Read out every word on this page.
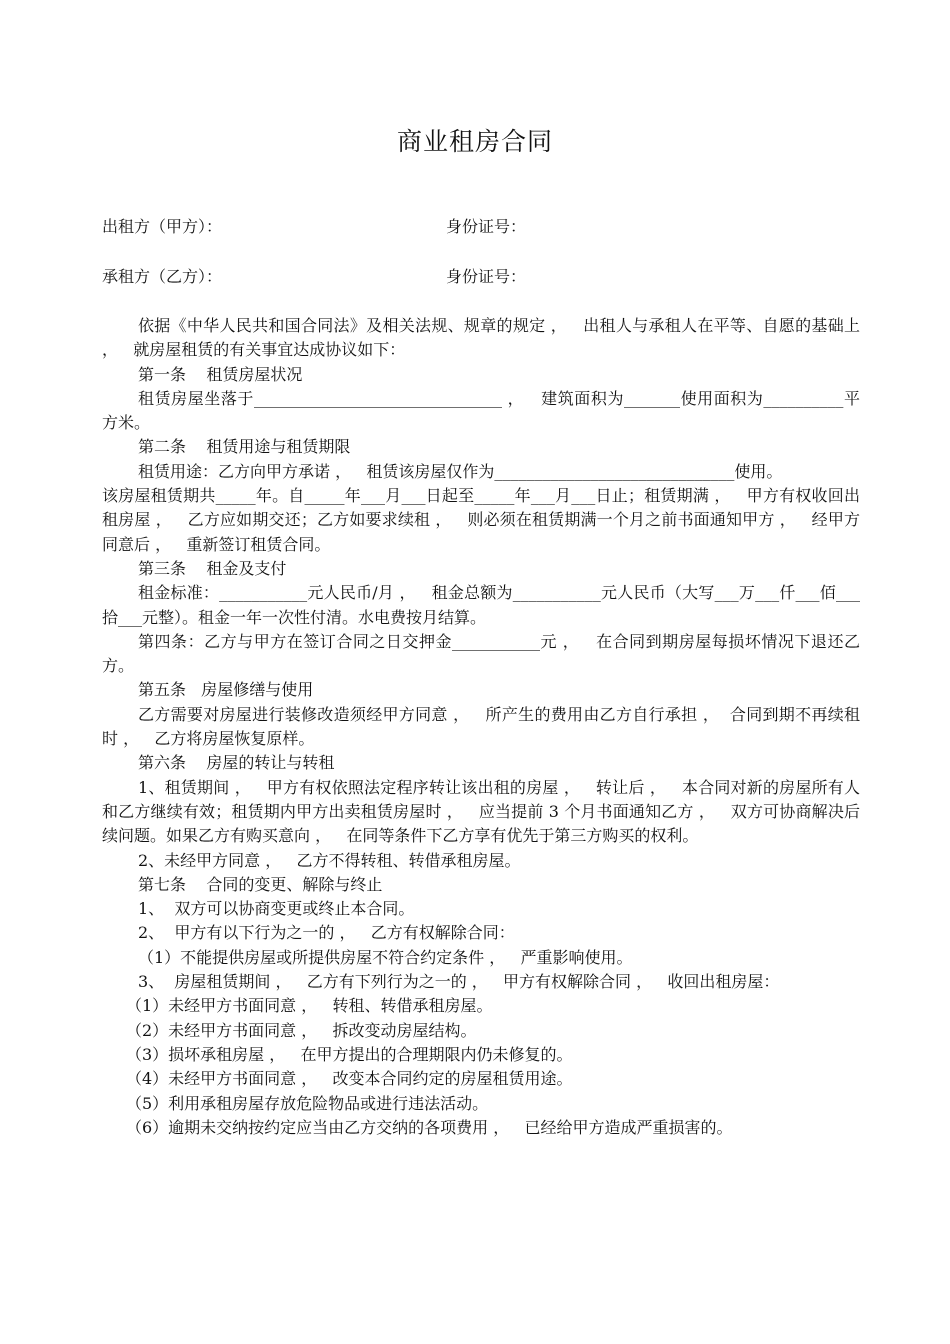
商业租房合同
出租方（甲方）：	身份证号：
承租方（乙方）：	身份证号：

依据《中华人民共和国合同法》及相关法规、规章的规定 ，   出租人与承租人在平等、自愿的基础上 ，   就房屋租赁的有关事宜达成协议如下：

第一条    租赁房屋状况

租赁房屋坐落于_______________________________ ，   建筑面积为_______使用面积为__________平方米。

第二条    租赁用途与租赁期限

租赁用途：乙方向甲方承诺 ，   租赁该房屋仅作为______________________________使用。

该房屋租赁期共_____年。自_____年___月___日起至_____年___月___日止；租赁期满 ，   甲方有权收回出租房屋 ，   乙方应如期交还；乙方如要求续租 ，   则必须在租赁期满一个月之前书面通知甲方 ，   经甲方同意后 ，   重新签订租赁合同。

第三条    租金及支付

租金标准：___________元人民币/月 ，   租金总额为___________元人民币（大写___万___仟___佰___拾___元整）。租金一年一次性付清。水电费按月结算。

第四条：乙方与甲方在签订合同之日交押金___________元 ，   在合同到期房屋每损坏情况下退还乙方。

第五条   房屋修缮与使用

乙方需要对房屋进行装修改造须经甲方同意 ，   所产生的费用由乙方自行承担 ，  合同到期不再续租时 ，   乙方将房屋恢复原样。

第六条    房屋的转让与转租

1、租赁期间 ，   甲方有权依照法定程序转让该出租的房屋 ，   转让后 ，   本合同对新的房屋所有人和乙方继续有效；租赁期内甲方出卖租赁房屋时 ，   应当提前 3 个月书面通知乙方 ，   双方可协商解决后续问题。如果乙方有购买意向 ，   在同等条件下乙方享有优先于第三方购买的权利。

2、未经甲方同意 ，   乙方不得转租、转借承租房屋。

第七条    合同的变更、解除与终止

1、  双方可以协商变更或终止本合同。

2、  甲方有以下行为之一的 ，   乙方有权解除合同：

（1）不能提供房屋或所提供房屋不符合约定条件 ，   严重影响使用。

3、  房屋租赁期间 ，   乙方有下列行为之一的 ，   甲方有权解除合同 ，   收回出租房屋：

（1）未经甲方书面同意 ，   转租、转借承租房屋。

（2）未经甲方书面同意 ，   拆改变动房屋结构。

（3）损坏承租房屋 ，   在甲方提出的合理期限内仍未修复的。

（4）未经甲方书面同意 ，   改变本合同约定的房屋租赁用途。

（5）利用承租房屋存放危险物品或进行违法活动。

（6）逾期未交纳按约定应当由乙方交纳的各项费用 ，   已经给甲方造成严重损害的。
